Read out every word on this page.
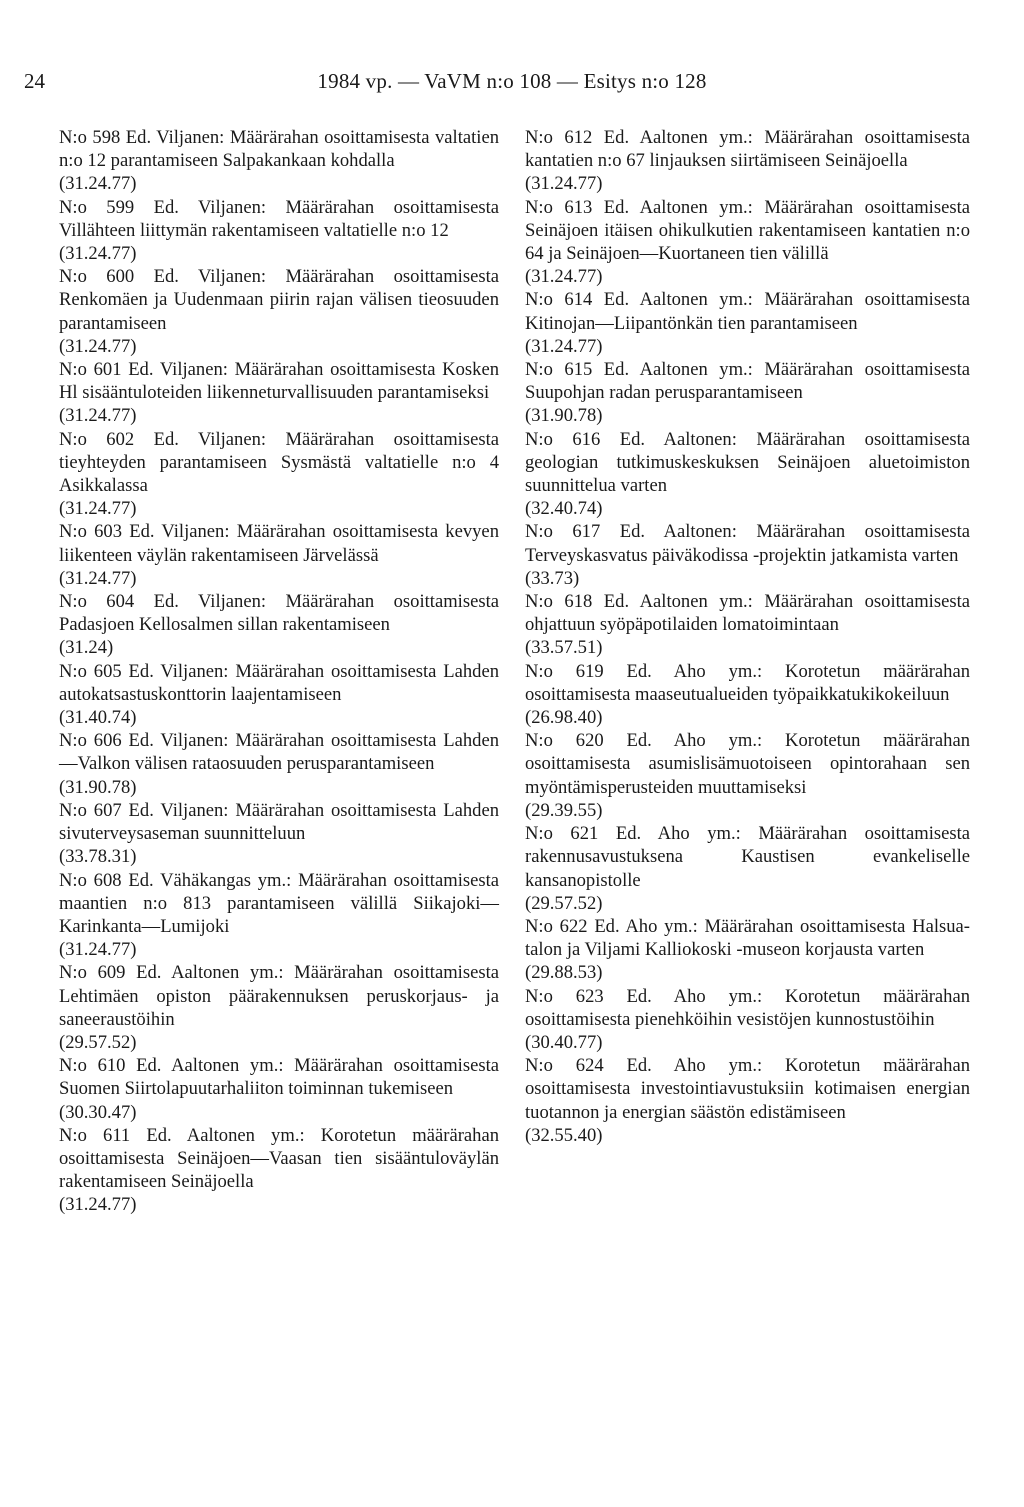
24	1984 vp. — VaVM n:o 108 — Esitys n:o 128

N:o 598 Ed. Viljanen: Määrärahan osoittamisesta valtatien n:o 12 parantamiseen Salpakankaan kohdalla

(31.24.77)

N:o 599 Ed. Viljanen: Määrärahan osoittamisesta Villähteen liittymän rakentamiseen valtatielle n:o 12

(31.24.77)

N:o 600 Ed. Viljanen: Määrärahan osoittamisesta Renkomäen ja Uudenmaan piirin rajan välisen tieosuuden parantamiseen

(31.24.77)

N:o 601 Ed. Viljanen: Määrärahan osoittamisesta Kosken Hl sisääntuloteiden liikenneturvallisuuden parantamiseksi

(31.24.77)

N:o 602 Ed. Viljanen: Määrärahan osoittamisesta tieyhteyden parantamiseen Sysmästä valtatielle n:o 4 Asikkalassa

(31.24.77)

N:o 603 Ed. Viljanen: Määrärahan osoittamisesta kevyen liikenteen väylän rakentamiseen Järvelässä

(31.24.77)

N:o 604 Ed. Viljanen: Määrärahan osoittamisesta Padasjoen Kellosalmen sillan rakentamiseen

(31.24)

N:o 605 Ed. Viljanen: Määrärahan osoittamisesta Lahden autokatsastuskonttorin laajentamiseen

(31.40.74)

N:o 606 Ed. Viljanen: Määrärahan osoittamisesta Lahden—Valkon välisen rataosuuden perusparantamiseen

(31.90.78)

N:o 607 Ed. Viljanen: Määrärahan osoittamisesta Lahden sivuterveysaseman suunnitteluun

(33.78.31)

N:o 608 Ed. Vähäkangas ym.: Määrärahan osoittamisesta maantien n:o 813 parantamiseen välillä Siikajoki—Karinkanta—Lumijoki

(31.24.77)

N:o 609 Ed. Aaltonen ym.: Määrärahan osoittamisesta Lehtimäen opiston päärakennuksen peruskorjaus- ja saneeraustöihin

(29.57.52)

N:o 610 Ed. Aaltonen ym.: Määrärahan osoittamisesta Suomen Siirtolapuutarhaliiton toiminnan tukemiseen

(30.30.47)

N:o 611 Ed. Aaltonen ym.: Korotetun määrärahan osoittamisesta Seinäjoen—Vaasan tien sisääntuloväylän rakentamiseen Seinäjoella

(31.24.77)

N:o 612 Ed. Aaltonen ym.: Määrärahan osoittamisesta kantatien n:o 67 linjauksen siirtämiseen Seinäjoella

(31.24.77)

N:o 613 Ed. Aaltonen ym.: Määrärahan osoittamisesta Seinäjoen itäisen ohikulkutien rakentamiseen kantatien n:o 64 ja Seinäjoen—Kuortaneen tien välillä

(31.24.77)

N:o 614 Ed. Aaltonen ym.: Määrärahan osoittamisesta Kitinojan—Liipantönkän tien parantamiseen

(31.24.77)

N:o 615 Ed. Aaltonen ym.: Määrärahan osoittamisesta Suupohjan radan perusparantamiseen

(31.90.78)

N:o 616 Ed. Aaltonen: Määrärahan osoittamisesta geologian tutkimuskeskuksen Seinäjoen aluetoimiston suunnittelua varten

(32.40.74)

N:o 617 Ed. Aaltonen: Määrärahan osoittamisesta Terveyskasvatus päiväkodissa -projektin jatkamista varten

(33.73)

N:o 618 Ed. Aaltonen ym.: Määrärahan osoittamisesta ohjattuun syöpäpotilaiden lomatoimintaan

(33.57.51)

N:o 619 Ed. Aho ym.: Korotetun määrärahan osoittamisesta maaseutualueiden työpaikkatukikokeiluun

(26.98.40)

N:o 620 Ed. Aho ym.: Korotetun määrärahan osoittamisesta asumislisämuotoiseen opintorahaan sen myöntämisperusteiden muuttamiseksi

(29.39.55)

N:o 621 Ed. Aho ym.: Määrärahan osoittamisesta rakennusavustuksena Kaustisen evankeliselle kansanopistolle

(29.57.52)

N:o 622 Ed. Aho ym.: Määrärahan osoittamisesta Halsua-talon ja Viljami Kalliokoski -museon korjausta varten

(29.88.53)

N:o 623 Ed. Aho ym.: Korotetun määrärahan osoittamisesta pienehköihin vesistöjen kunnostustöihin

(30.40.77)

N:o 624 Ed. Aho ym.: Korotetun määrärahan osoittamisesta investointiavustuksiin kotimaisen energian tuotannon ja energian säästön edistämiseen

(32.55.40)
